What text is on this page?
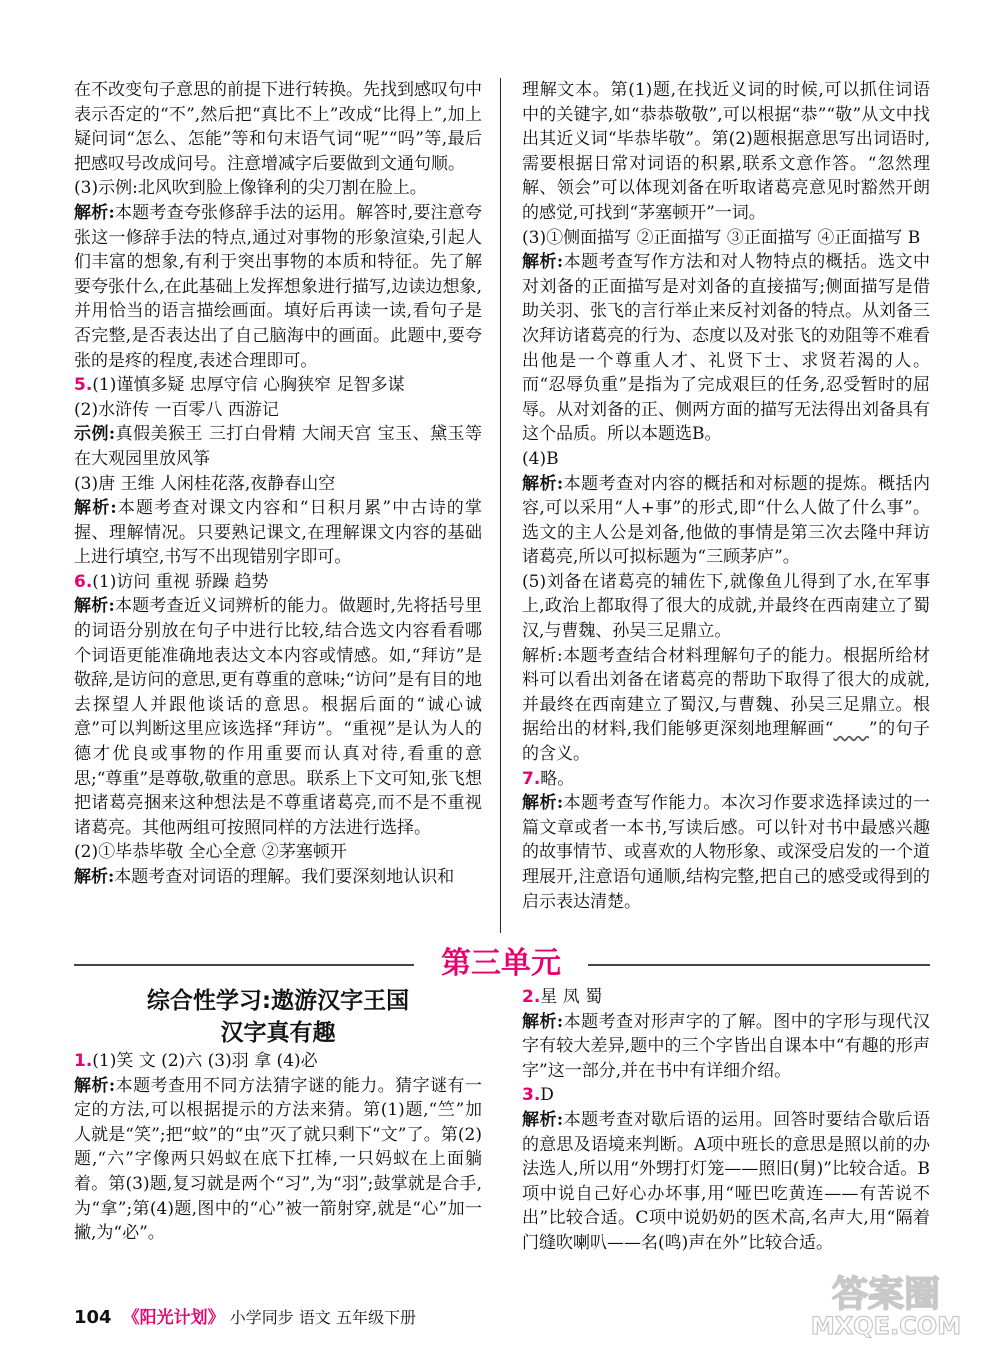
在不改变句子意思的前提下进行转换。先找到感叹句中表示否定的“不”,然后把“真比不上”改成“比得上”,加上疑问词“怎么、怎能”等和句末语气词“呢”“吗”等,最后把感叹号改成问号。注意增减字后要做到文通句顺。

(3)示例:北风吹到脸上像锋利的尖刀割在脸上。

解析:本题考查夸张修辞手法的运用。解答时,要注意夸张这一修辞手法的特点,通过对事物的形象渲染,引起人们丰富的想象,有利于突出事物的本质和特征。先了解要夸张什么,在此基础上发挥想象进行描写,边读边想象,并用恰当的语言描绘画面。填好后再读一读,看句子是否完整,是否表达出了自己脑海中的画面。此题中,要夸张的是疼的程度,表述合理即可。

5.(1)谨慎多疑 忠厚守信 心胸狭窄 足智多谋

(2)水浒传 一百零八 西游记

示例:真假美猴王 三打白骨精 大闹天宫 宝玉、黛玉等在大观园里放风筝

(3)唐 王维 人闲桂花落,夜静春山空

解析:本题考查对课文内容和“日积月累”中古诗的掌握、理解情况。只要熟记课文,在理解课文内容的基础上进行填空,书写不出现错别字即可。

6.(1)访问 重视 骄躁 趋势

解析:本题考查近义词辨析的能力。做题时,先将括号里的词语分别放在句子中进行比较,结合选文内容看看哪个词语更能准确地表达文本内容或情感。如,“拜访”是敬辞,是访问的意思,更有尊重的意味;“访问”是有目的地去探望人并跟他谈话的意思。根据后面的“诚心诚意”可以判断这里应该选择“拜访”。“重视”是认为人的德才优良或事物的作用重要而认真对待,看重的意思;“尊重”是尊敬,敬重的意思。联系上下文可知,张飞想把诸葛亮捆来这种想法是不尊重诸葛亮,而不是不重视诸葛亮。其他两组可按照同样的方法进行选择。

(2)①毕恭毕敬 全心全意 ②茅塞顿开

解析:本题考查对词语的理解。我们要深刻地认识和

理解文本。第(1)题,在找近义词的时候,可以抓住词语中的关键字,如“恭恭敬敬”,可以根据“恭”“敬”从文中找出其近义词“毕恭毕敬”。第(2)题根据意思写出词语时,需要根据日常对词语的积累,联系文意作答。“忽然理解、领会”可以体现刘备在听取诸葛亮意见时豁然开朗的感觉,可找到“茅塞顿开”一词。

(3)①侧面描写 ②正面描写 ③正面描写 ④正面描写 B

解析:本题考查写作方法和对人物特点的概括。选文中对刘备的正面描写是对刘备的直接描写;侧面描写是借助关羽、张飞的言行举止来反衬刘备的特点。从刘备三次拜访诸葛亮的行为、态度以及对张飞的劝阻等不难看出他是一个尊重人才、礼贤下士、求贤若渴的人。而“忍辱负重”是指为了完成艰巨的任务,忍受暂时的屈辱。从对刘备的正、侧两方面的描写无法得出刘备具有这个品质。所以本题选B。

(4)B

解析:本题考查对内容的概括和对标题的提炼。概括内容,可以采用“人+事”的形式,即“什么人做了什么事”。选文的主人公是刘备,他做的事情是第三次去隆中拜访诸葛亮,所以可拟标题为“三顾茅庐”。

(5)刘备在诸葛亮的辅佐下,就像鱼儿得到了水,在军事上,政治上都取得了很大的成就,并最终在西南建立了蜀汉,与曹魏、孙吴三足鼎立。

解析:本题考查结合材料理解句子的能力。根据所给材料可以看出刘备在诸葛亮的帮助下取得了很大的成就,并最终在西南建立了蜀汉,与曹魏、孙吴三足鼎立。根据给出的材料,我们能够更深刻地理解画“　　 ”的句子的含义。

7.略。

解析:本题考查写作能力。本次习作要求选择读过的一篇文章或者一本书,写读后感。可以针对书中最感兴趣的故事情节、或喜欢的人物形象、或深受启发的一个道理展开,注意语句通顺,结构完整,把自己的感受或得到的启示表达清楚。

第三单元
综合性学习:遨游汉字王国
汉字真有趣

1.(1)笑 文 (2)六 (3)羽 拿 (4)必

解析:本题考查用不同方法猜字谜的能力。猜字谜有一定的方法,可以根据提示的方法来猜。第(1)题,“竺”加人就是“笑”;把“蚊”的“虫”灭了就只剩下“文”了。第(2)题,“六”字像两只妈蚁在底下扛棒,一只妈蚁在上面躺着。第(3)题,复习就是两个“习”,为“羽”;鼓掌就是合手,为“拿”;第(4)题,图中的“心”被一箭射穿,就是“心”加一撇,为“必”。

2.星 凤 蜀

解析:本题考查对形声字的了解。图中的字形与现代汉字有较大差异,题中的三个字皆出自课本中“有趣的形声字”这一部分,并在书中有详细介绍。

3.D

解析:本题考查对歇后语的运用。回答时要结合歇后语的意思及语境来判断。A项中班长的意思是照以前的办法选人,所以用“外甥打灯笼——照旧(舅)”比较合适。B项中说自己好心办坏事,用“哑巴吃黄连——有苦说不出”比较合适。C项中说奶奶的医术高,名声大,用“隔着门缝吹喇叭——名(鸣)声在外”比较合适。

104 《阳光计划》 小学同步 语文 五年级下册
答案圈
MXQE.COM
